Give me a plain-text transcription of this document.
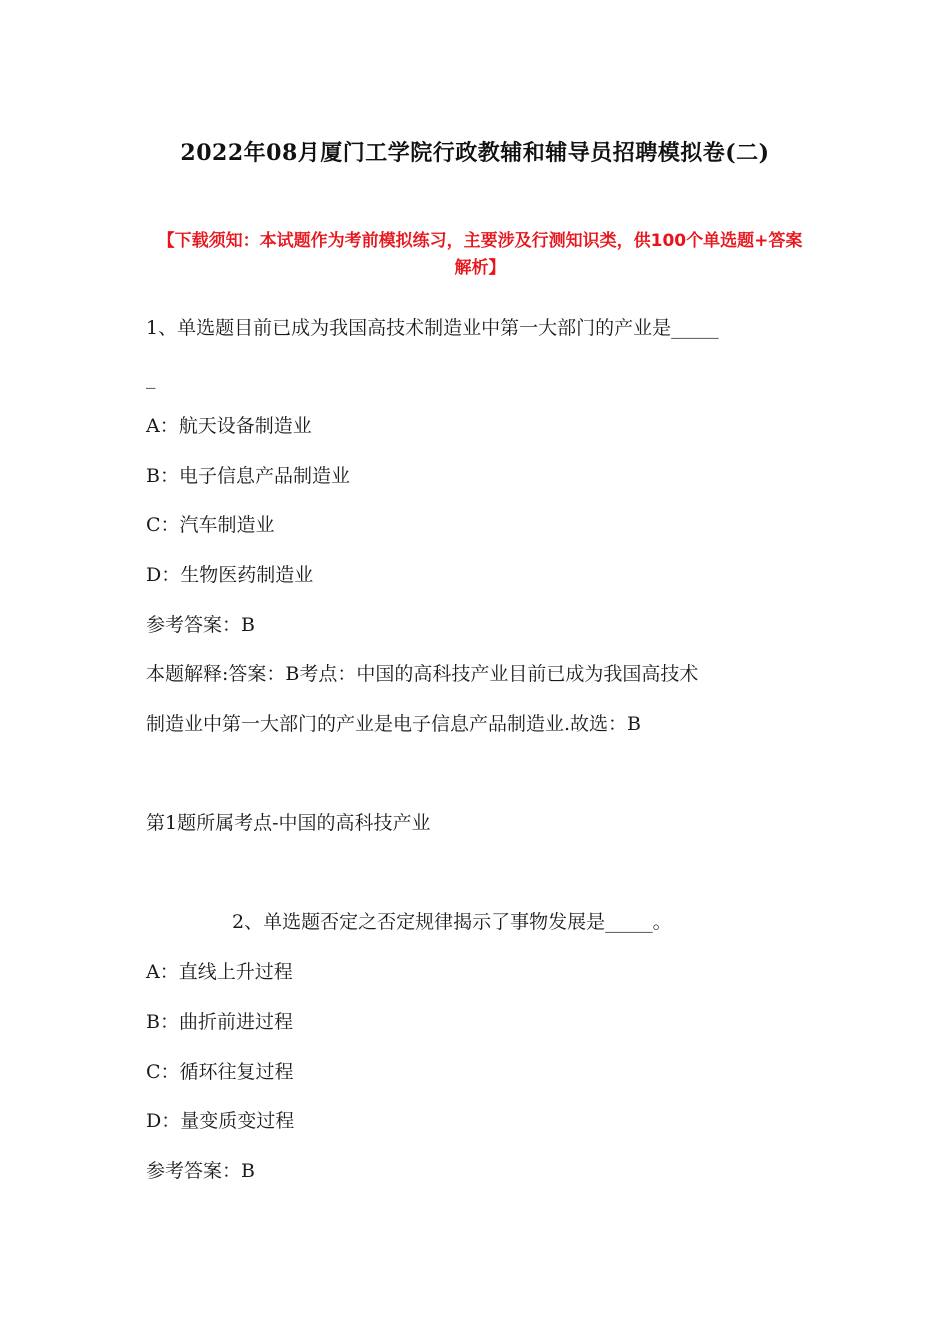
2022年08月厦门工学院行政教辅和辅导员招聘模拟卷(二)
【下载须知：本试题作为考前模拟练习，主要涉及行测知识类，供100个单选题+答案解析】
1、单选题目前已成为我国高技术制造业中第一大部门的产业是_____
_
A：航天设备制造业
B：电子信息产品制造业
C：汽车制造业
D：生物医药制造业
参考答案：B
本题解释:答案：B考点：中国的高科技产业目前已成为我国高技术
制造业中第一大部门的产业是电子信息产品制造业.故选：B
第1题所属考点-中国的高科技产业
2、单选题否定之否定规律揭示了事物发展是_____。
A：直线上升过程
B：曲折前进过程
C：循环往复过程
D：量变质变过程
参考答案：B
